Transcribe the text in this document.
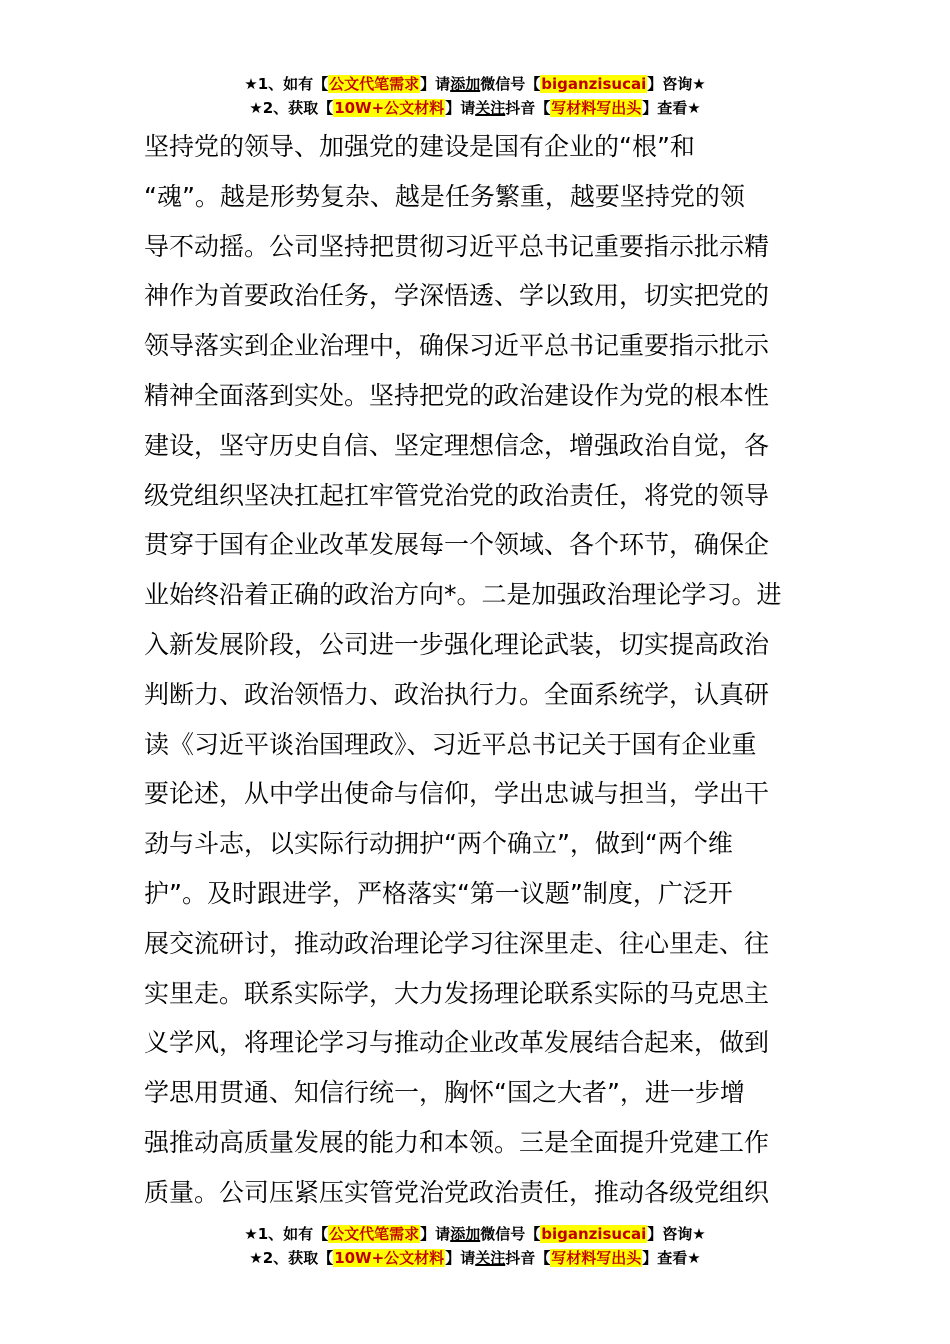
★1、如有【公文代笔需求】请添加微信号【biganzisucai】咨询★
★2、获取【10W+公文材料】请关注抖音【写材料写出头】查看★
坚持党的领导、加强党的建设是国有企业的“根”和
“魂”。越是形势复杂、越是任务繁重，越要坚持党的领
导不动摇。公司坚持把贯彻习近平总书记重要指示批示精
神作为首要政治任务，学深悟透、学以致用，切实把党的
领导落实到企业治理中，确保习近平总书记重要指示批示
精神全面落到实处。坚持把党的政治建设作为党的根本性
建设，坚守历史自信、坚定理想信念，增强政治自觉，各
级党组织坚决扛起扛牢管党治党的政治责任，将党的领导
贯穿于国有企业改革发展每一个领域、各个环节，确保企
业始终沿着正确的政治方向*。二是加强政治理论学习。进
入新发展阶段，公司进一步强化理论武装，切实提高政治
判断力、政治领悟力、政治执行力。全面系统学，认真研
读《习近平谈治国理政》、习近平总书记关于国有企业重
要论述，从中学出使命与信仰，学出忠诚与担当，学出干
劲与斗志，以实际行动拥护“两个确立”，做到“两个维
护”。及时跟进学，严格落实“第一议题”制度，广泛开
展交流研讨，推动政治理论学习往深里走、往心里走、往
实里走。联系实际学，大力发扬理论联系实际的马克思主
义学风，将理论学习与推动企业改革发展结合起来，做到
学思用贯通、知信行统一，胸怀“国之大者”，进一步增
强推动高质量发展的能力和本领。三是全面提升党建工作
质量。公司压紧压实管党治党政治责任，推动各级党组织
★1、如有【公文代笔需求】请添加微信号【biganzisucai】咨询★
★2、获取【10W+公文材料】请关注抖音【写材料写出头】查看★
